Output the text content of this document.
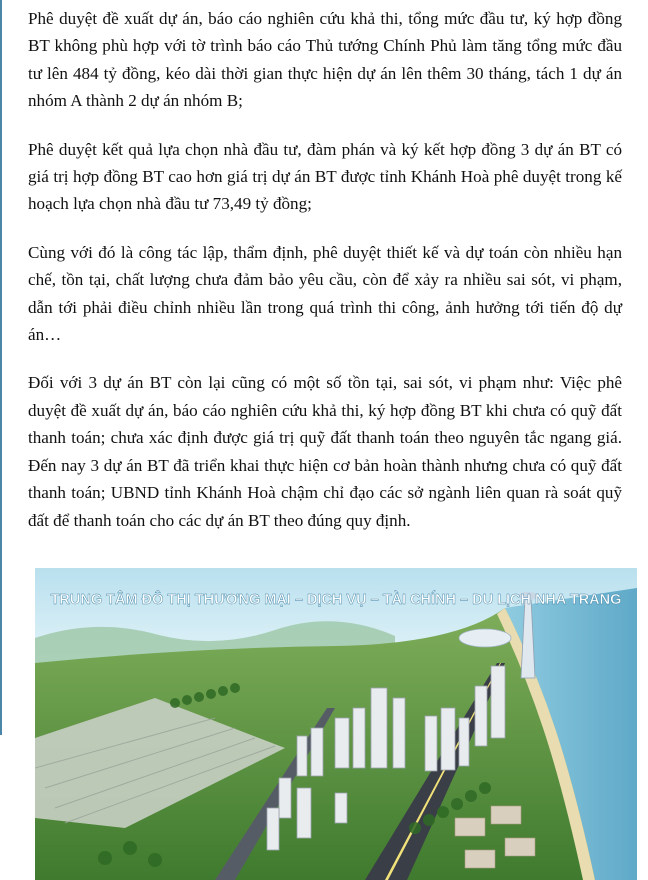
Phê duyệt đề xuất dự án, báo cáo nghiên cứu khả thi, tổng mức đầu tư, ký hợp đồng BT không phù hợp với tờ trình báo cáo Thủ tướng Chính Phủ làm tăng tổng mức đầu tư lên 484 tỷ đồng, kéo dài thời gian thực hiện dự án lên thêm 30 tháng, tách 1 dự án nhóm A thành 2 dự án nhóm B;

Phê duyệt kết quả lựa chọn nhà đầu tư, đàm phán và ký kết hợp đồng 3 dự án BT có giá trị hợp đồng BT cao hơn giá trị dự án BT được tỉnh Khánh Hoà phê duyệt trong kế hoạch lựa chọn nhà đầu tư 73,49 tỷ đồng;

Cùng với đó là công tác lập, thẩm định, phê duyệt thiết kế và dự toán còn nhiều hạn chế, tồn tại, chất lượng chưa đảm bảo yêu cầu, còn để xảy ra nhiều sai sót, vi phạm, dẫn tới phải điều chỉnh nhiều lần trong quá trình thi công, ảnh hưởng tới tiến độ dự án…

Đối với 3 dự án BT còn lại cũng có một số tồn tại, sai sót, vi phạm như: Việc phê duyệt đề xuất dự án, báo cáo nghiên cứu khả thi, ký hợp đồng BT khi chưa có quỹ đất thanh toán; chưa xác định được giá trị quỹ đất thanh toán theo nguyên tắc ngang giá. Đến nay 3 dự án BT đã triển khai thực hiện cơ bản hoàn thành nhưng chưa có quỹ đất thanh toán; UBND tỉnh Khánh Hoà chậm chỉ đạo các sở ngành liên quan rà soát quỹ đất để thanh toán cho các dự án BT theo đúng quy định.

TRUNG TÂM ĐÔ THỊ THƯƠNG MẠI – DỊCH VỤ – TÀI CHÍNH – DU LỊCH NHA TRANG
